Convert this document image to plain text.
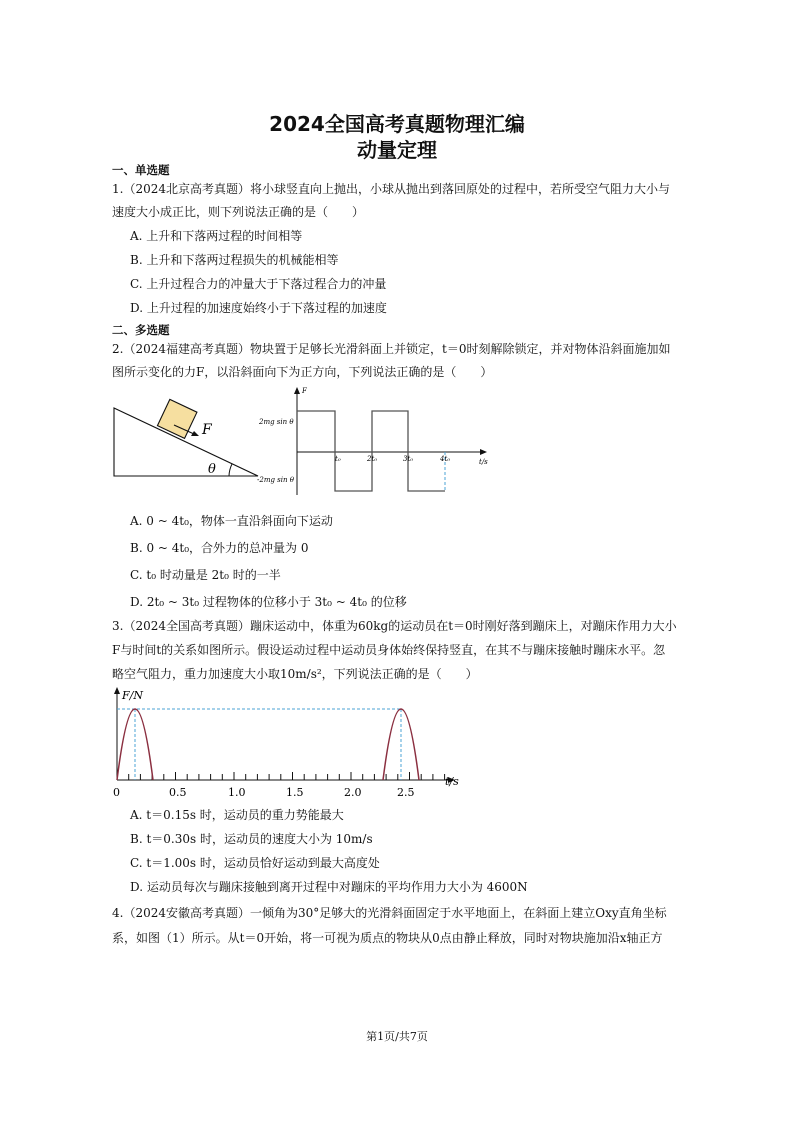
2024全国高考真题物理汇编
动量定理
一、单选题
1.（2024北京高考真题）将小球竖直向上抛出，小球从抛出到落回原处的过程中，若所受空气阻力大小与
速度大小成正比，则下列说法正确的是（　　）
A. 上升和下落两过程的时间相等
B. 上升和下落两过程损失的机械能相等
C. 上升过程合力的冲量大于下落过程合力的冲量
D. 上升过程的加速度始终小于下落过程的加速度
二、多选题
2.（2024福建高考真题）物块置于足够长光滑斜面上并锁定，t＝0时刻解除锁定，并对物体沿斜面施加如
图所示变化的力F，以沿斜面向下为正方向，下列说法正确的是（　　）
F
θ
F
t/s
2mg sin θ
-2mg sin θ
t₀	2t₀	3t₀	4t₀
A. 0 ~ 4t₀，物体一直沿斜面向下运动
B. 0 ~ 4t₀，合外力的总冲量为 0
C. t₀ 时动量是 2t₀ 时的一半
D. 2t₀ ~ 3t₀ 过程物体的位移小于 3t₀ ~ 4t₀ 的位移
3.（2024全国高考真题）蹦床运动中，体重为60kg的运动员在t＝0时刚好落到蹦床上，对蹦床作用力大小
F与时间t的关系如图所示。假设运动过程中运动员身体始终保持竖直，在其不与蹦床接触时蹦床水平。忽
略空气阻力，重力加速度大小取10m/s²，下列说法正确的是（　　）
F/N
t/s
0	0.5	1.0	1.5	2.0	2.5
A. t＝0.15s 时，运动员的重力势能最大
B. t＝0.30s 时，运动员的速度大小为 10m/s
C. t＝1.00s 时，运动员恰好运动到最大高度处
D. 运动员每次与蹦床接触到离开过程中对蹦床的平均作用力大小为 4600N
4.（2024安徽高考真题）一倾角为30°足够大的光滑斜面固定于水平地面上，在斜面上建立Oxy直角坐标
系，如图（1）所示。从t＝0开始，将一可视为质点的物块从0点由静止释放，同时对物块施加沿x轴正方
第1页/共7页
